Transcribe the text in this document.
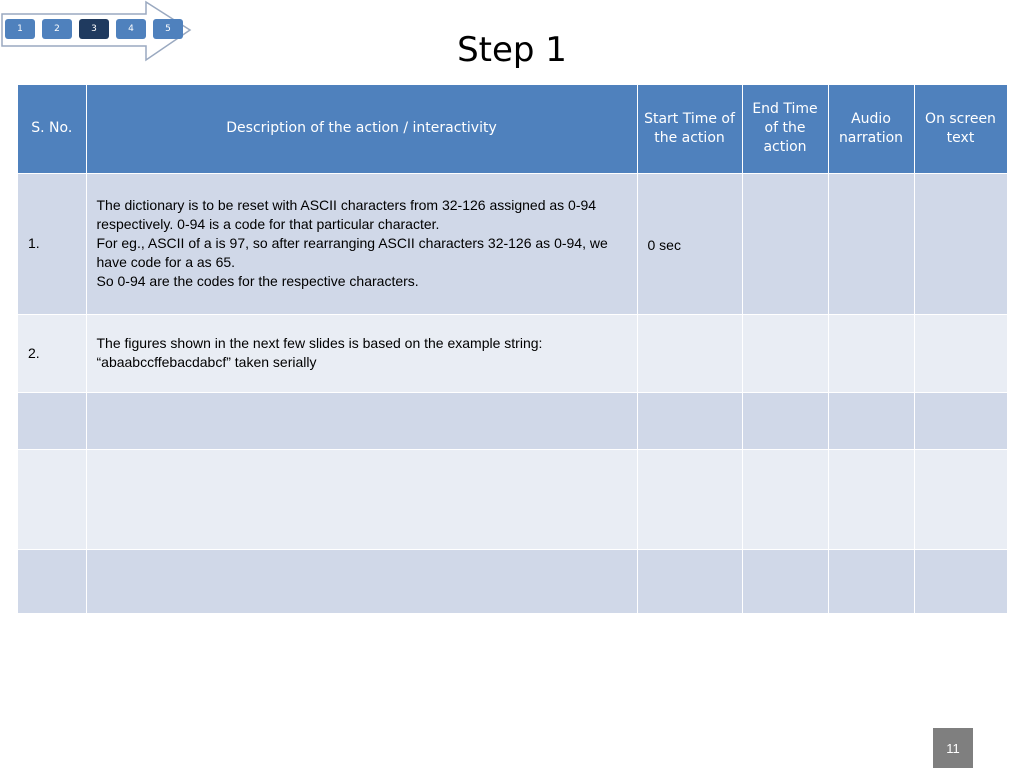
1	2	3	4	5
Step 1
S. No.	Description of the action / interactivity	Start Time of the action	End Time of the action	Audio narration	On screen text
1.	The dictionary is to be reset with ASCII characters from 32-126 assigned as 0-94 respectively. 0-94 is a code for that particular character.
For eg., ASCII of a is 97, so after rearranging ASCII characters 32-126 as 0-94, we have code for a as 65.
So 0-94 are the codes for the respective characters.	0 sec			
2.	The figures shown in the next few slides is based on the example string: “abaabccffebacdabcf” taken serially				

11
